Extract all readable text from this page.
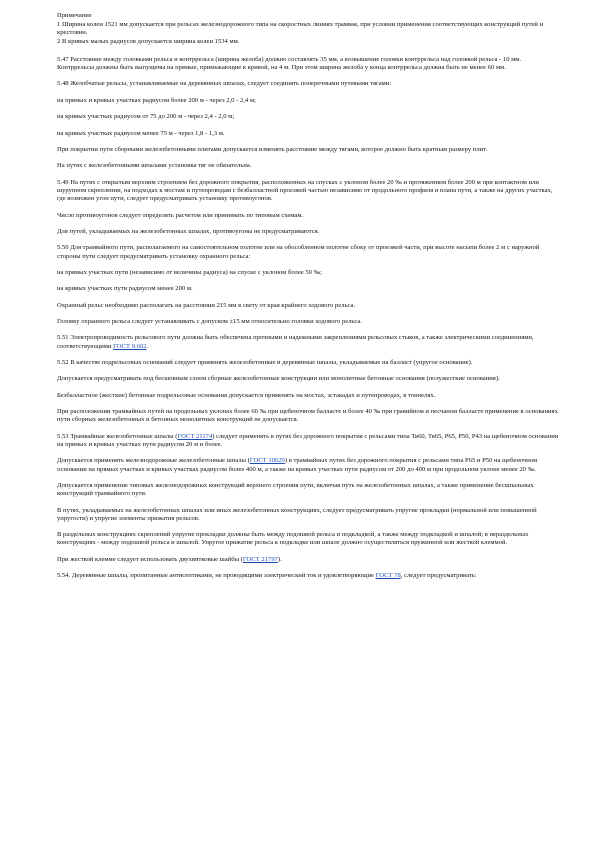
Примечание
1 Ширина колеи 1521 мм допускается при рельсах железнодорожного типа на скоростных линиях трамвая, при условии применения соответствующих конструкций путей и крестовин.
2 В кривых малых радиусов допускается ширина колеи 1534 мм.
5.47 Расстояние между головками рельса и контррельса (ширина желоба) должно составлять 35 мм, а возвышение головки контррельса над головкой рельса - 10 мм. Контррельсы должны быть выпущены на прямые, примыкающие к кривой, на 4 м. При этом ширина желоба у конца контррельса должна быть не менее 60 мм.
5.48 Желобчатые рельсы, устанавливаемые на деревянных шпалах, следует соединять поперечными путевыми тягами:
на прямых и кривых участках радиусом более 200 м - через 2,0 - 2,4 м;
на кривых участках радиусом от 75 до 200 м - через 2,4 - 2,0 м;
на кривых участках радиусом менее 75 м - через 1,8 - 1,3 м.
При покрытии пути сборными железобетонными плитами допускается изменять расстояние между тягами, которое должно быть кратным размеру плит.
На путях с железобетонными шпалами установка тяг не обязательна.
5.49 На путях с открытым верхним строением без дорожного покрытия, расположенных на спусках с уклоном более 20 ‰ и протяжением более 200 м при контактном или шурупном скреплении, на подходах к мостам и путепроводам с безбалластной проезжей частью независимо от продольного профиля и плана пути, а также на других участках, где возможен угон пути, следует предусматривать установку противоугонов.
Число противоугонов следует определять расчетом или принимать по типовым схемам.
Для путей, укладываемых на железобетонных шпалах, противоугоны не предусматриваются.
5.50 Для трамвайного пути, располагаемого на самостоятельном полотне или на обособленном полотне сбоку от проезжей части, при высоте насыпи более 2 м с наружной стороны пути следует предусматривать установку охранного рельса:
на прямых участках пути (независимо от величины радиуса) на спуске с уклоном более 50 ‰;
на кривых участках пути радиусом менее 200 м.
Охранный рельс необходимо располагать на расстоянии 215 мм в свету от края крайнего ходового рельса.
Головку охранного рельса следует устанавливать с допуском ±15 мм относительно головки ходового рельса.
5.51 Электропроводимость рельсового пути должна быть обеспечена прочными и надежными закреплениями рельсовых стыков, а также электрическими соединениями, соответствующими ГОСТ 9.602.
5.52 В качестве подрельсовых оснований следует применять железобетонные и деревянные шпалы, укладываемые на балласт (упругое основание).
Допускается предусматривать под бесшовным слоем сборные железобетонные конструкции или монолитные бетонные основания (полужесткие основания).
Безбалластное (жесткие) бетонные подрельсовые основания допускается применять на мостах, эстакадах и путепроводах, в тоннелях.
При расположении трамвайных путей на продольных уклонах более 60 ‰ при щебеночном балласте и более 40 ‰ при гравийном и песчаном балласте применение в основаниях пути сборных железобетонных и бетонных монолитных конструкций не допускается.
5.53 Трамвайные железобетонные шпалы (ГОСТ 21174) следует применять в путях без дорожного покрытия с рельсами типа Тв60, Тв65, Р65, Р50, Р43 на щебеночном основании на прямых и кривых участках пути радиусом 20 м и более.
Допускается применять железнодорожные железобетонные шпалы (ГОСТ 10629) в трамвайных путях без дорожного покрытия с рельсами типа Р65 и Р50 на щебеночном основании на прямых участках и кривых участках радиусом более 400 м, а также на кривых участках пути радиусом от 200 до 400 м при продольном уклоне менее 20 ‰.
Допускается применение типовых железнодорожных конструкций верхнего строения пути, включая путь на железобетонных шпалах, а также применение бесшпальных конструкций трамвайного пути.
В путях, укладываемых на железобетонных шпалах или иных железобетонных конструкциях, следует предусматривать упругие прокладки (нормальной или повышенной упругости) и упругие элементы прижатия рельсов.
В раздельных конструкциях скреплений упругие прокладки должны быть между подошвой рельса и подкладкой, а также между подкладкой и шпалой; в нераздельных конструкциях - между подошвой рельса и шпалой. Упругое прижатие рельса к подкладке или шпале должно осуществляться пружинной или жесткой клеммой.
При жесткой клемме следует использовать двухвитковые шайбы (ГОСТ 21797).
5.54. Деревянные шпалы, пропитанные антисептиками, не проводящими электрический ток и удовлетворяющие ГОСТ 78, следует предусматривать:
